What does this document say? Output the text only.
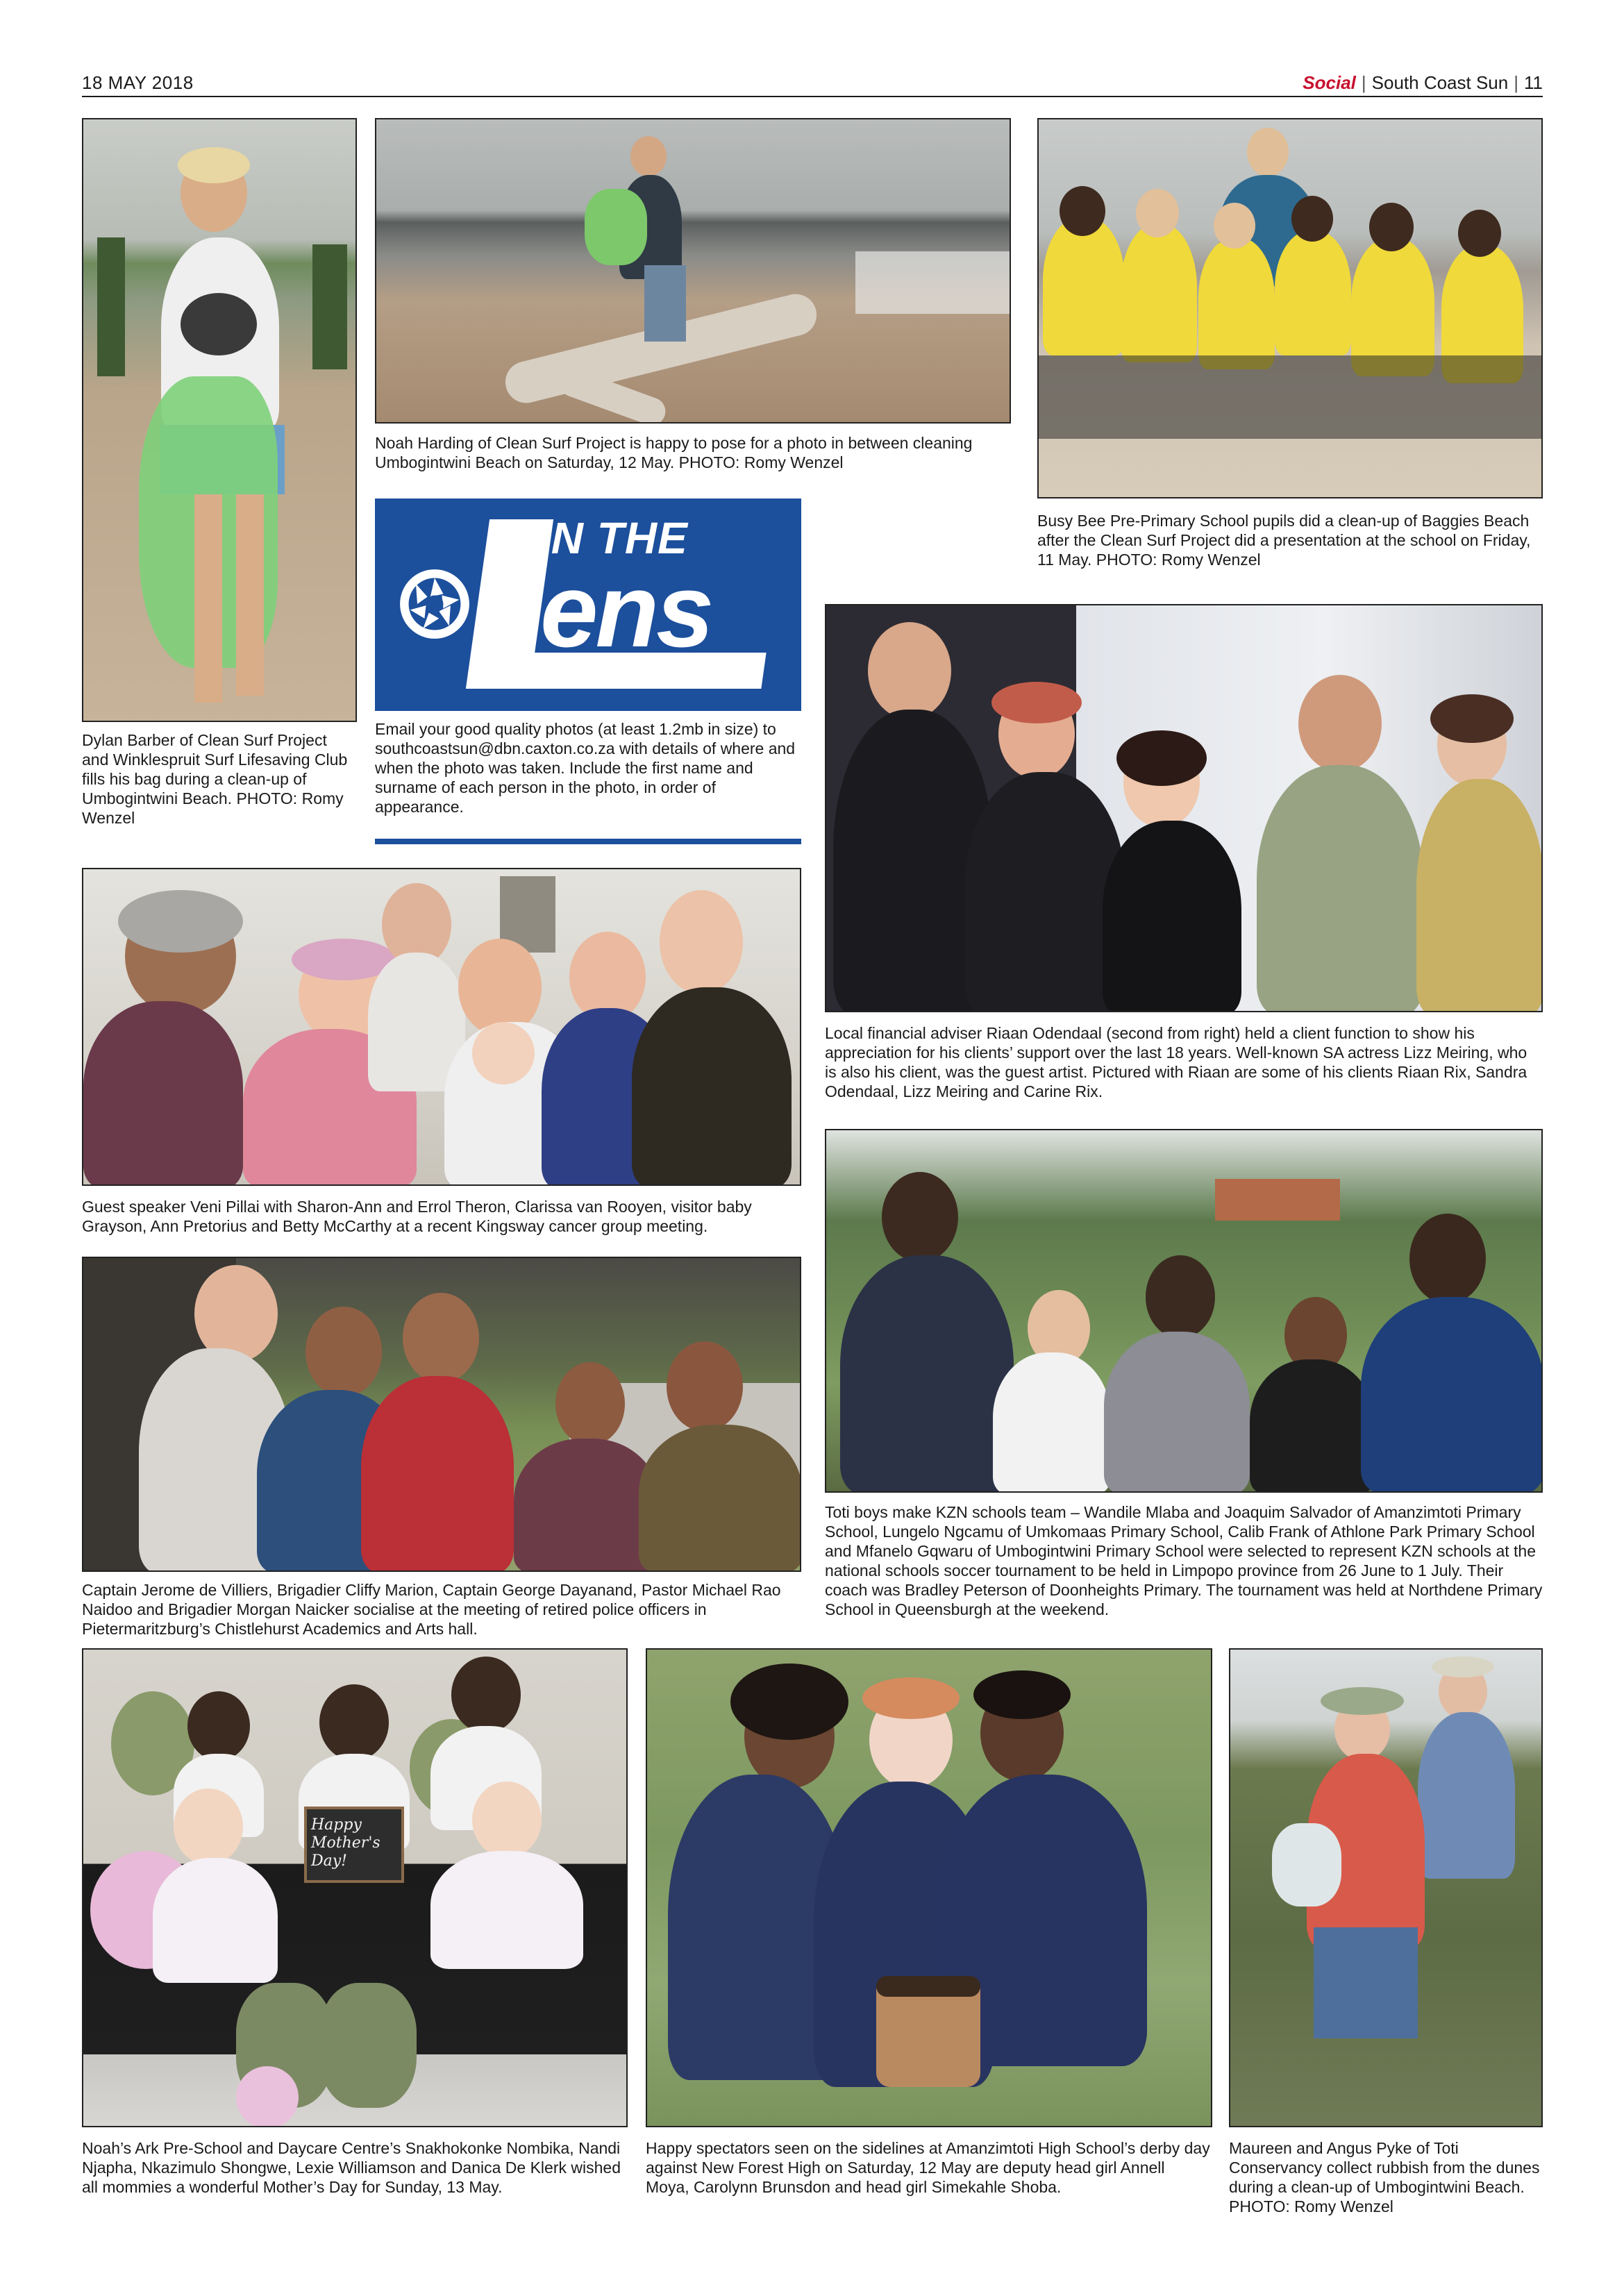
18 MAY 2018	Social | South Coast Sun | 11
Dylan Barber of Clean Surf Project and Winklespruit Surf Lifesaving Club fills his bag during a clean-up of Umbogintwini Beach. PHOTO: Romy Wenzel
Noah Harding of Clean Surf Project is happy to pose for a photo in between cleaning Umbogintwini Beach on Saturday, 12 May. PHOTO: Romy Wenzel
Busy Bee Pre-Primary School pupils did a clean-up of Baggies Beach after the Clean Surf Project did a presentation at the school on Friday, 11 May. PHOTO: Romy Wenzel
IN THE
ens
Email your good quality photos (at least 1.2mb in size) to southcoastsun@dbn.caxton.co.za with details of where and when the photo was taken. Include the first name and surname of each person in the photo, in order of appearance.
Local financial adviser Riaan Odendaal (second from right) held a client function to show his appreciation for his clients’ support over the last 18 years. Well-known SA actress Lizz Meiring, who is also his client, was the guest artist. Pictured with Riaan are some of his clients Riaan Rix, Sandra Odendaal, Lizz Meiring and Carine Rix.
Guest speaker Veni Pillai with Sharon-Ann and Errol Theron, Clarissa van Rooyen, visitor baby Grayson, Ann Pretorius and Betty McCarthy at a recent Kingsway cancer group meeting.
Captain Jerome de Villiers, Brigadier Cliffy Marion, Captain George Dayanand, Pastor Michael Rao Naidoo and Brigadier Morgan Naicker socialise at the meeting of retired police officers in Pietermaritzburg’s Chistlehurst Academics and Arts hall.
Toti boys make KZN schools team – Wandile Mlaba and Joaquim Salvador of Amanzimtoti Primary School, Lungelo Ngcamu of Umkomaas Primary School, Calib Frank of Athlone Park Primary School and Mfanelo Gqwaru of Umbogintwini Primary School were selected to represent KZN schools at the national schools soccer tournament to be held in Limpopo province from 26 June to 1 July. Their coach was Bradley Peterson of Doonheights Primary. The tournament was held at Northdene Primary School in Queensburgh at the weekend.
Happy Mother's Day!
Noah’s Ark Pre-School and Daycare Centre’s Snakhokonke Nombika, Nandi Njapha, Nkazimulo Shongwe, Lexie Williamson and Danica De Klerk wished all mommies a wonderful Mother’s Day for Sunday, 13 May.
Happy spectators seen on the sidelines at Amanzimtoti High School’s derby day against New Forest High on Saturday, 12 May are deputy head girl Annell Moya, Carolynn Brunsdon and head girl Simekahle Shoba.
Maureen and Angus Pyke of Toti Conservancy collect rubbish from the dunes during a clean-up of Umbogintwini Beach. PHOTO: Romy Wenzel
